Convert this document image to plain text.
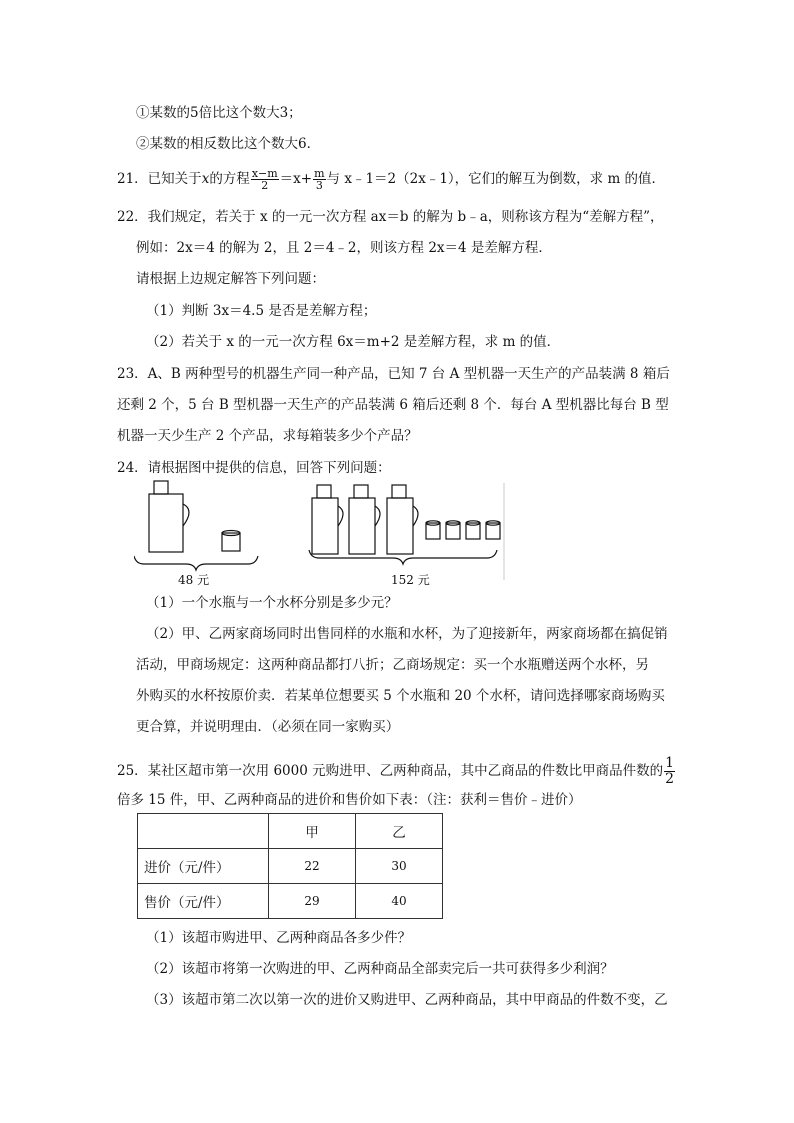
①某数的5倍比这个数大3；
②某数的相反数比这个数大6．
21．已知关于x的方程 $\frac{x-m}{2} =x+ \frac{m}{3}$ 与 x﹣1＝2（2x﹣1），它们的解互为倒数，求 m 的值．
22．我们规定，若关于 x 的一元一次方程 ax＝b 的解为 b﹣a，则称该方程为“差解方程”，
例如：2x＝4 的解为 2，且 2＝4﹣2，则该方程 2x＝4 是差解方程．
请根据上边规定解答下列问题：
（1）判断 3x＝4.5 是否是差解方程；
（2）若关于 x 的一元一次方程 6x＝m+2 是差解方程，求 m 的值．
23．A、B 两种型号的机器生产同一种产品，已知 7 台 A 型机器一天生产的产品装满 8 箱后
还剩 2 个，5 台 B 型机器一天生产的产品装满 6 箱后还剩 8 个．每台 A 型机器比每台 B 型
机器一天少生产 2 个产品，求每箱装多少个产品？
24．请根据图中提供的信息，回答下列问题：
48 元	152 元
（1）一个水瓶与一个水杯分别是多少元？
（2）甲、乙两家商场同时出售同样的水瓶和水杯，为了迎接新年，两家商场都在搞促销
活动，甲商场规定：这两种商品都打八折；乙商场规定：买一个水瓶赠送两个水杯，另
外购买的水杯按原价卖．若某单位想要买 5 个水瓶和 20 个水杯，请问选择哪家商场购买
更合算，并说明理由．（必须在同一家购买）
25．某社区超市第一次用 6000 元购进甲、乙两种商品，其中乙商品的件数比甲商品件数的 $\frac{1}{2}$
倍多 15 件，甲、乙两种商品的进价和售价如下表：（注：获利＝售价﹣进价）
	甲	乙
进价（元/件）	22	30
售价（元/件）	29	40
（1）该超市购进甲、乙两种商品各多少件？
（2）该超市将第一次购进的甲、乙两种商品全部卖完后一共可获得多少利润？
（3）该超市第二次以第一次的进价又购进甲、乙两种商品，其中甲商品的件数不变，乙
